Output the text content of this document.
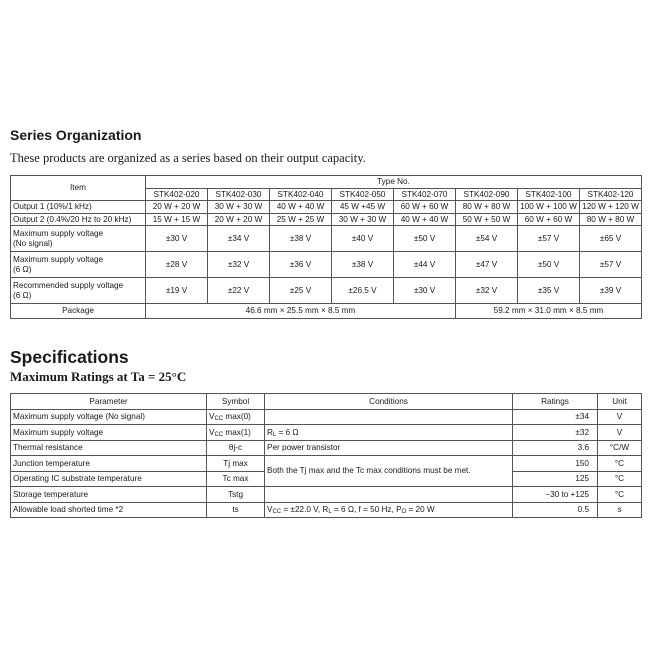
Series Organization
These products are organized as a series based on their output capacity.
Item	Type No.							
	STK402-020	STK402-030	STK402-040	STK402-050	STK402-070	STK402-090	STK402-100	STK402-120
Output 1 (10%/1 kHz)	20 W + 20 W	30 W + 30 W	40 W + 40 W	45 W +45 W	60 W + 60 W	80 W + 80 W	100 W + 100 W	120 W + 120 W
Output 2 (0.4%/20 Hz to 20 kHz)	15 W + 15 W	20 W + 20 W	25 W + 25 W	30 W + 30 W	40 W + 40 W	50 W + 50 W	60 W + 60 W	80 W + 80 W
Maximum supply voltage
(No signal)	±30 V	±34 V	±38 V	±40 V	±50 V	±54 V	±57 V	±65 V
Maximum supply voltage
(6 Ω)	±28 V	±32 V	±36 V	±38 V	±44 V	±47 V	±50 V	±57 V
Recommended supply voltage
(6 Ω)	±19 V	±22 V	±25 V	±26.5 V	±30 V	±32 V	±35 V	±39 V
Package	46.6 mm × 25.5 mm × 8.5 mm					59.2 mm × 31.0 mm × 8.5 mm		
Specifications
Maximum Ratings at Ta = 25°C
Parameter	Symbol	Conditions	Ratings	Unit
Maximum supply voltage (No signal)	$V_{CC}$ max(0)		±34	V
Maximum supply voltage	$V_{CC}$ max(1)	$R_L = 6$ Ω	±32	V
Thermal resistance	θj-c	Per power transistor	3.6	°C/W
Junction temperature	Tj max	Both the Tj max and the Tc max conditions must be met.	150	°C
Operating IC substrate temperature	Tc max		125	°C
Storage temperature	Tstg		−30 to +125	°C
Allowable load shorted time *2	ts	$V_{CC} = \pm 22.0$ V, $R_L = 6$ Ω, f = 50 Hz, $P_O = 20$ W	0.5	s
